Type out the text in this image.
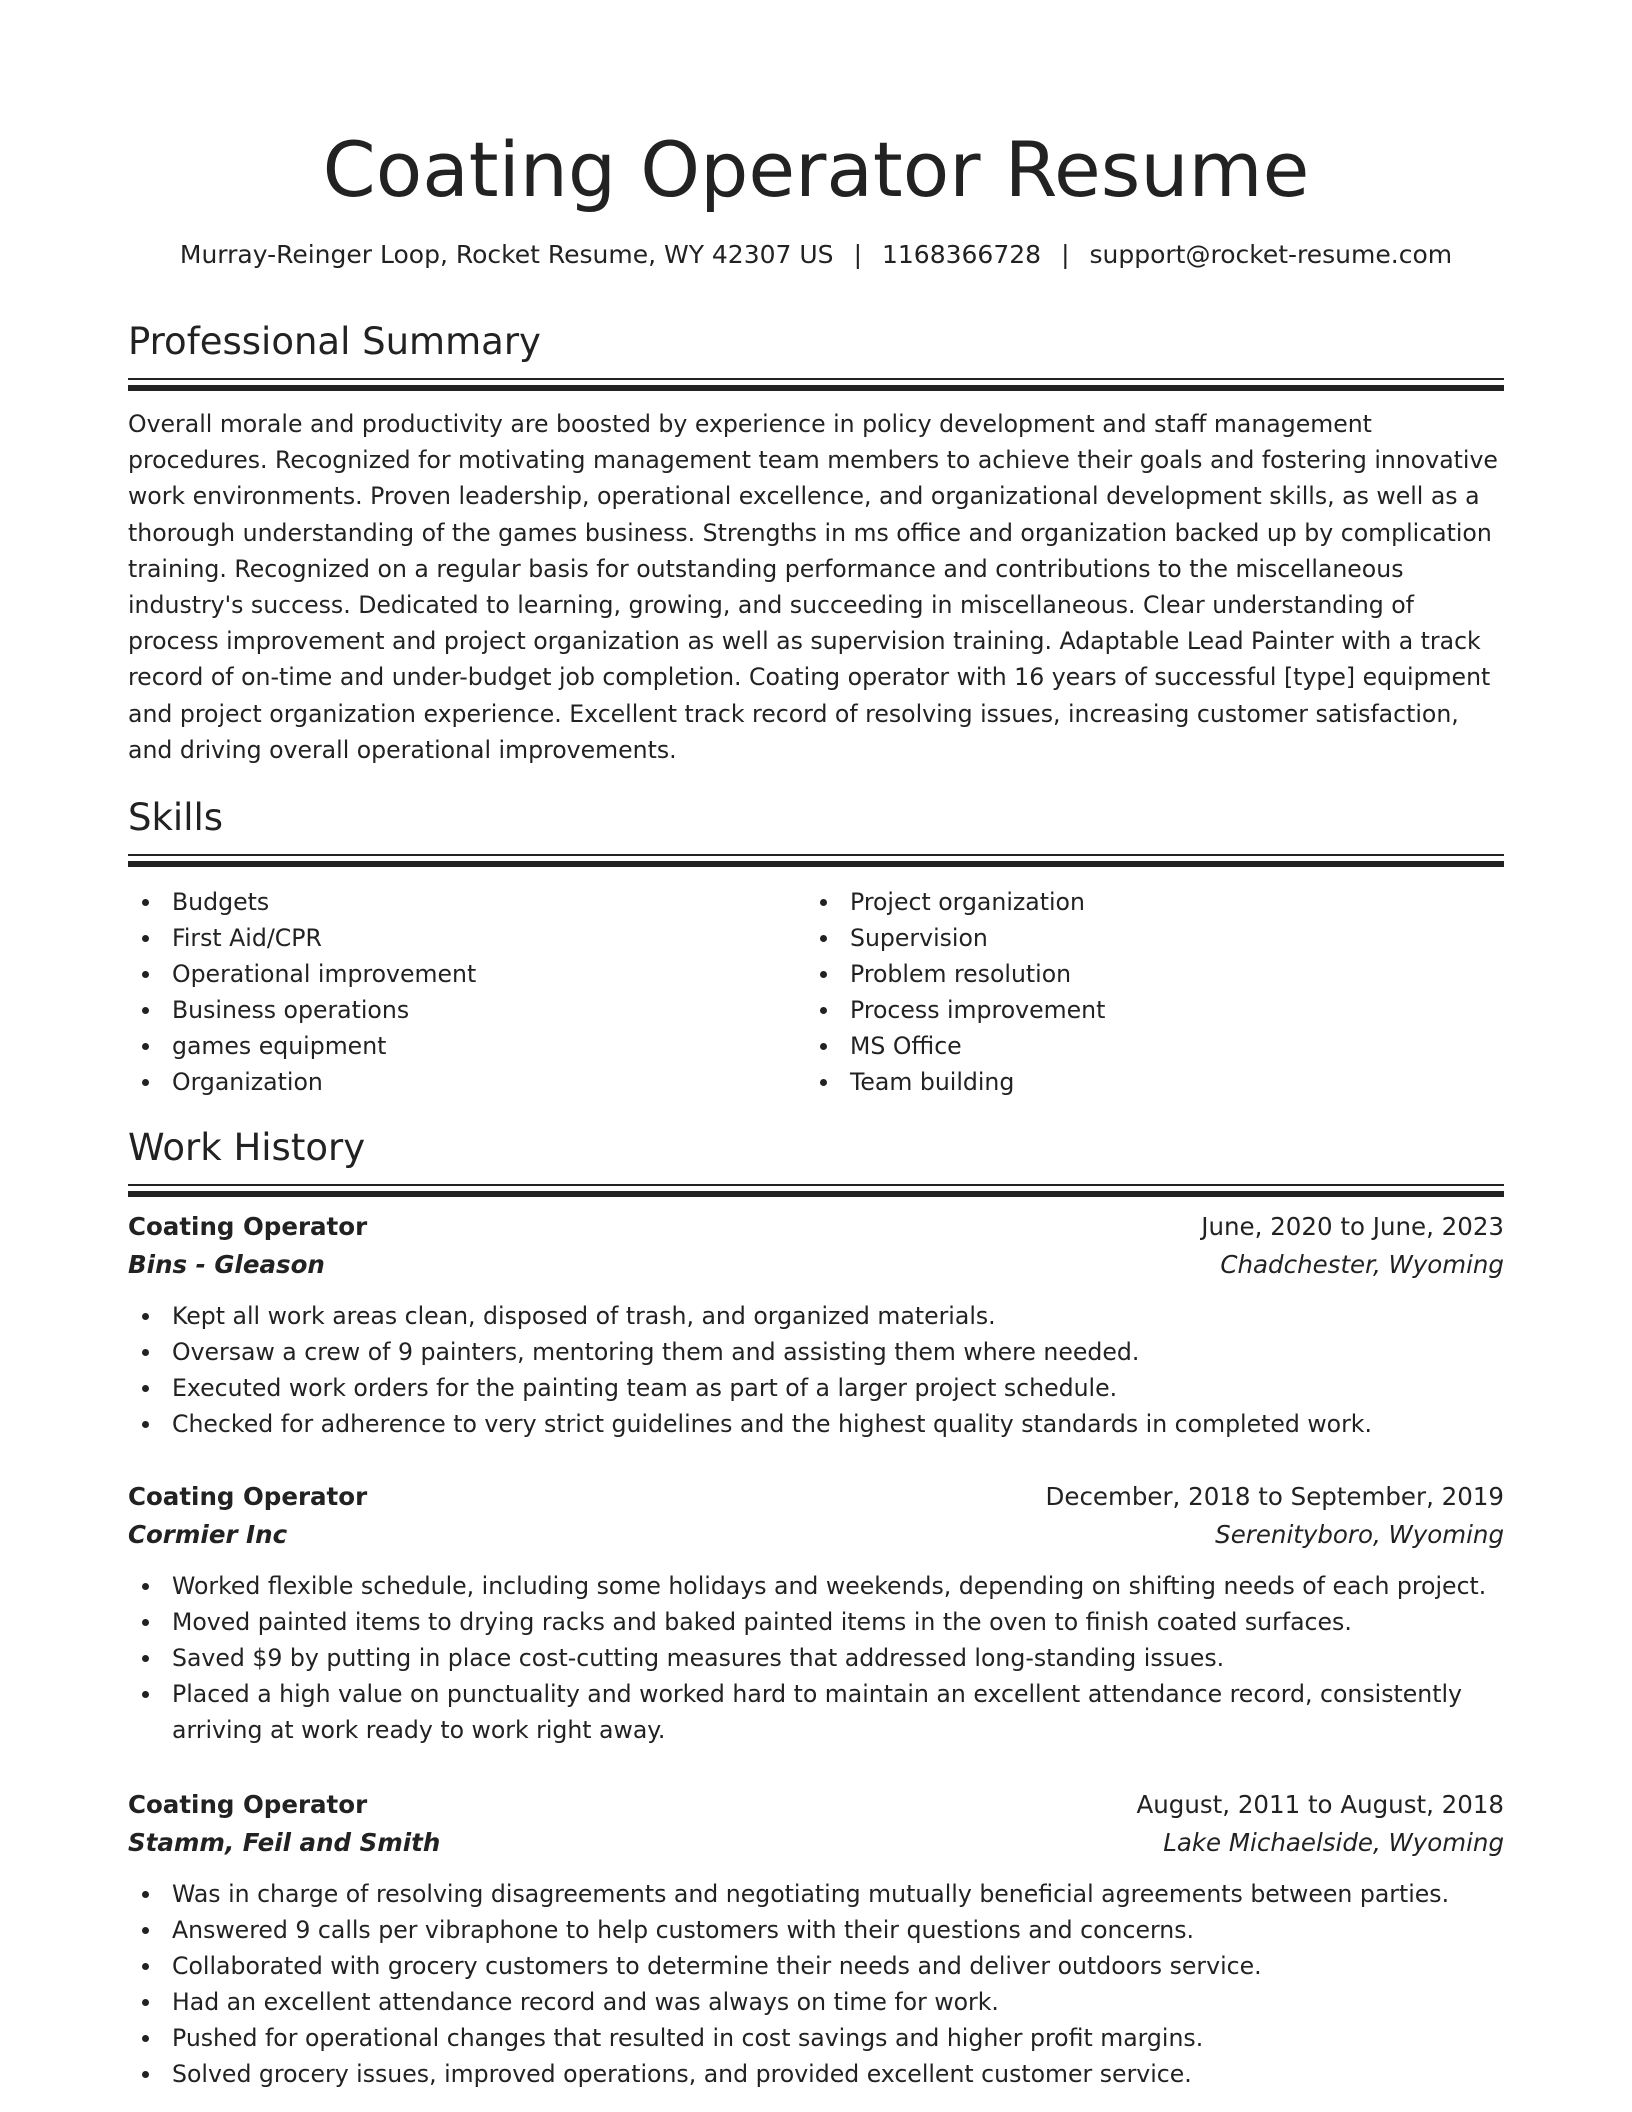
Coating Operator Resume
Murray-Reinger Loop, Rocket Resume, WY 42307 US | 1168366728 | support@rocket-resume.com
Professional Summary

Overall morale and productivity are boosted by experience in policy development and staff management procedures. Recognized for motivating management team members to achieve their goals and fostering innovative work environments. Proven leadership, operational excellence, and organizational development skills, as well as a thorough understanding of the games business. Strengths in ms office and organization backed up by complication training. Recognized on a regular basis for outstanding performance and contributions to the miscellaneous industry's success. Dedicated to learning, growing, and succeeding in miscellaneous. Clear understanding of process improvement and project organization as well as supervision training. Adaptable Lead Painter with a track record of on-time and under-budget job completion. Coating operator with 16 years of successful [type] equipment and project organization experience. Excellent track record of resolving issues, increasing customer satisfaction, and driving overall operational improvements.

Skills
Budgets
First Aid/CPR
Operational improvement
Business operations
games equipment
Organization
Project organization
Supervision
Problem resolution
Process improvement
MS Office
Team building
Work History
Coating Operator	June, 2020 to June, 2023
Bins - Gleason	Chadchester, Wyoming
Kept all work areas clean, disposed of trash, and organized materials.
Oversaw a crew of 9 painters, mentoring them and assisting them where needed.
Executed work orders for the painting team as part of a larger project schedule.
Checked for adherence to very strict guidelines and the highest quality standards in completed work.
Coating Operator	December, 2018 to September, 2019
Cormier Inc	Serenityboro, Wyoming
Worked flexible schedule, including some holidays and weekends, depending on shifting needs of each project.
Moved painted items to drying racks and baked painted items in the oven to finish coated surfaces.
Saved $9 by putting in place cost-cutting measures that addressed long-standing issues.
Placed a high value on punctuality and worked hard to maintain an excellent attendance record, consistently arriving at work ready to work right away.
Coating Operator	August, 2011 to August, 2018
Stamm, Feil and Smith	Lake Michaelside, Wyoming
Was in charge of resolving disagreements and negotiating mutually beneficial agreements between parties.
Answered 9 calls per vibraphone to help customers with their questions and concerns.
Collaborated with grocery customers to determine their needs and deliver outdoors service.
Had an excellent attendance record and was always on time for work.
Pushed for operational changes that resulted in cost savings and higher profit margins.
Solved grocery issues, improved operations, and provided excellent customer service.
